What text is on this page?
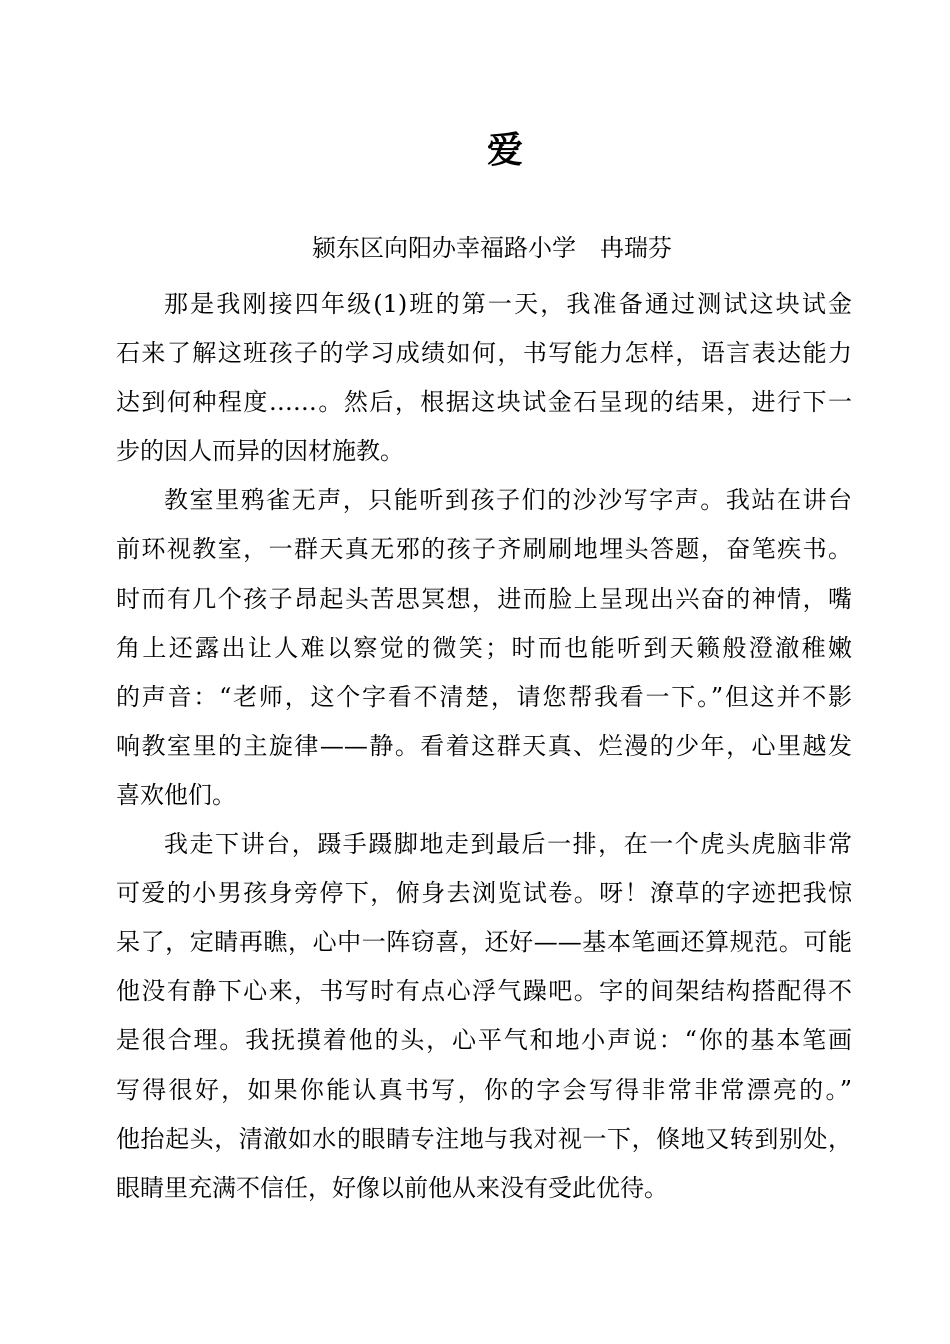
爱
颍东区向阳办幸福路小学　冉瑞芬

那是我刚接四年级(1)班的第一天，我准备通过测试这块试金
石来了解这班孩子的学习成绩如何，书写能力怎样，语言表达能力
达到何种程度……。然后，根据这块试金石呈现的结果，进行下一
步的因人而异的因材施教。

教室里鸦雀无声，只能听到孩子们的沙沙写字声。我站在讲台
前环视教室，一群天真无邪的孩子齐刷刷地埋头答题，奋笔疾书。
时而有几个孩子昂起头苦思冥想，进而脸上呈现出兴奋的神情，嘴
角上还露出让人难以察觉的微笑；时而也能听到天籁般澄澈稚嫩
的声音：“老师，这个字看不清楚，请您帮我看一下。”但这并不影
响教室里的主旋律——静。看着这群天真、烂漫的少年，心里越发
喜欢他们。

我走下讲台，蹑手蹑脚地走到最后一排，在一个虎头虎脑非常
可爱的小男孩身旁停下，俯身去浏览试卷。呀！潦草的字迹把我惊
呆了，定睛再瞧，心中一阵窃喜，还好——基本笔画还算规范。可能
他没有静下心来，书写时有点心浮气躁吧。字的间架结构搭配得不
是很合理。我抚摸着他的头，心平气和地小声说：“你的基本笔画
写得很好，如果你能认真书写，你的字会写得非常非常漂亮的。”
他抬起头，清澈如水的眼睛专注地与我对视一下，倏地又转到别处，
眼睛里充满不信任，好像以前他从来没有受此优待。
